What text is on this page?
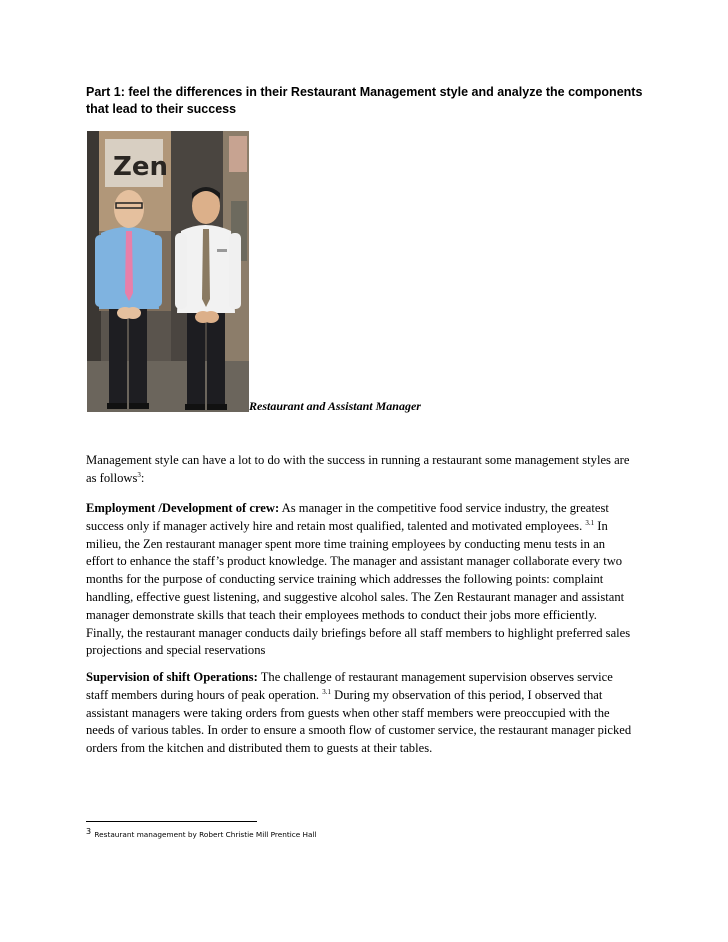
Part 1: feel the differences in their Restaurant Management style and analyze the components that lead to their success
Zen
Restaurant and Assistant Manager

Management style can have a lot to do with the success in running a restaurant some management styles are as follows$^3$:

Employment /Development of crew: As manager in the competitive food service industry, the greatest success only if manager actively hire and retain most qualified, talented and motivated employees. $^{3.1}$ In milieu, the Zen restaurant manager spent more time training employees by conducting menu tests in an effort to enhance the staff’s product knowledge. The manager and assistant manager collaborate every two months for the purpose of conducting service training which addresses the following points: complaint handling, effective guest listening, and suggestive alcohol sales. The Zen Restaurant manager and assistant manager demonstrate skills that teach their employees methods to conduct their jobs more efficiently. Finally, the restaurant manager conducts daily briefings before all staff members to highlight preferred sales projections and special reservations

Supervision of shift Operations: The challenge of restaurant management supervision observes service staff members during hours of peak operation. $^{3.1}$ During my observation of this period, I observed that assistant managers were taking orders from guests when other staff members were preoccupied with the needs of various tables. In order to ensure a smooth flow of customer service, the restaurant manager picked orders from the kitchen and distributed them to guests at their tables.

3 Restaurant management by Robert Christie Mill Prentice Hall
